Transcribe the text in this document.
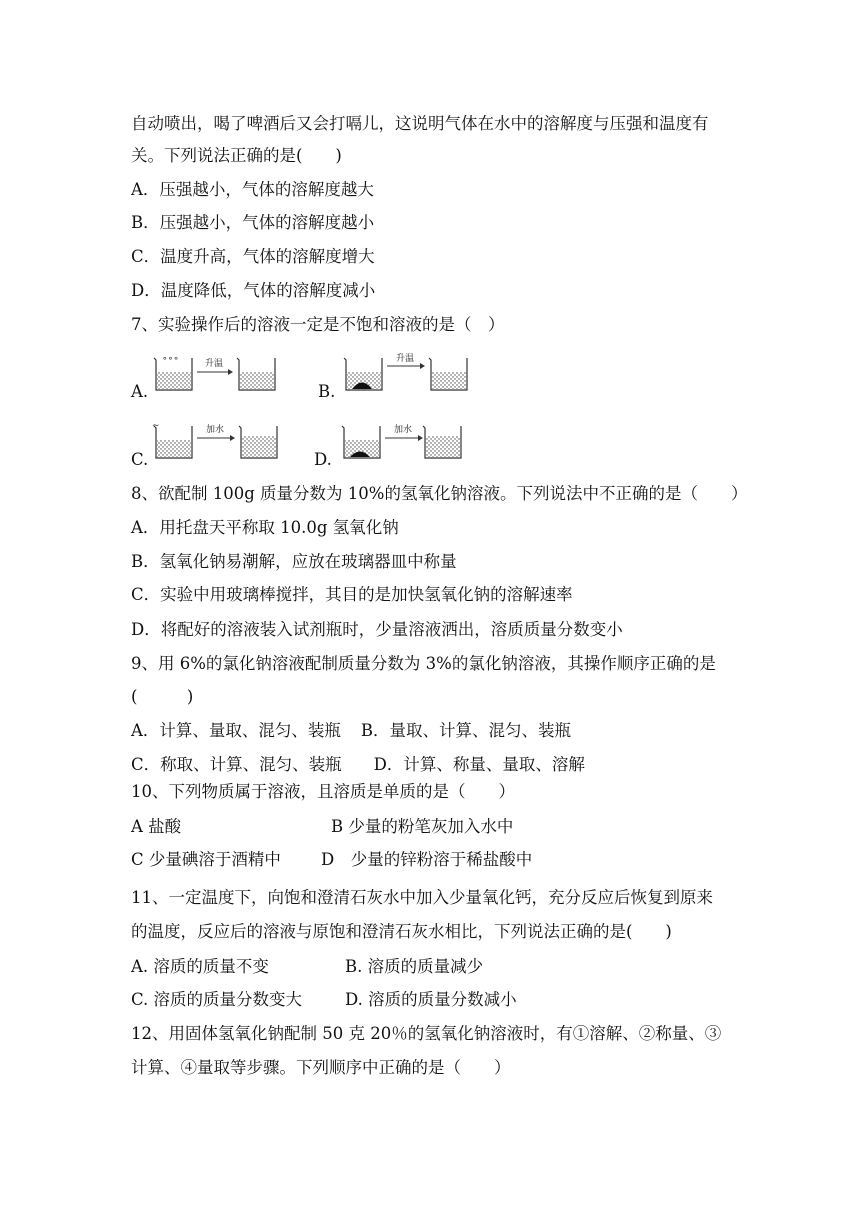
自动喷出，喝了啤酒后又会打嗝儿，这说明气体在水中的溶解度与压强和温度有
关。下列说法正确的是(　　)
A．压强越小，气体的溶解度越大
B．压强越小，气体的溶解度越小
C．温度升高，气体的溶解度增大
D．温度降低，气体的溶解度减小
7、实验操作后的溶液一定是不饱和溶液的是（　）
A.
∘∘∘	升温
B.
升温
C.
∼	加水
D.
加水
8、欲配制 100g 质量分数为 10%的氢氧化钠溶液。下列说法中不正确的是（　　）
A．用托盘天平称取 10.0g 氢氧化钠
B．氢氧化钠易潮解，应放在玻璃器皿中称量
C．实验中用玻璃棒搅拌，其目的是加快氢氧化钠的溶解速率
D．将配好的溶液装入试剂瓶时，少量溶液洒出，溶质质量分数变小
9、用 6%的氯化钠溶液配制质量分数为 3%的氯化钠溶液，其操作顺序正确的是
(　　　)
A．计算、量取、混匀、装瓶 B．量取、计算、混匀、装瓶
C．称取、计算、混匀、装瓶 D．计算、称量、量取、溶解
10、下列物质属于溶液，且溶质是单质的是（　　）
A 盐酸	B 少量的粉笔灰加入水中
C 少量碘溶于酒精中 D　少量的锌粉溶于稀盐酸中
11、一定温度下，向饱和澄清石灰水中加入少量氧化钙，充分反应后恢复到原来
的温度，反应后的溶液与原饱和澄清石灰水相比，下列说法正确的是(　　)
A. 溶质的质量不变	B. 溶质的质量减少
C. 溶质的质量分数变大	D. 溶质的质量分数减小
12、用固体氢氧化钠配制 50 克 20％的氢氧化钠溶液时，有①溶解、②称量、③
计算、④量取等步骤。下列顺序中正确的是（　　）
